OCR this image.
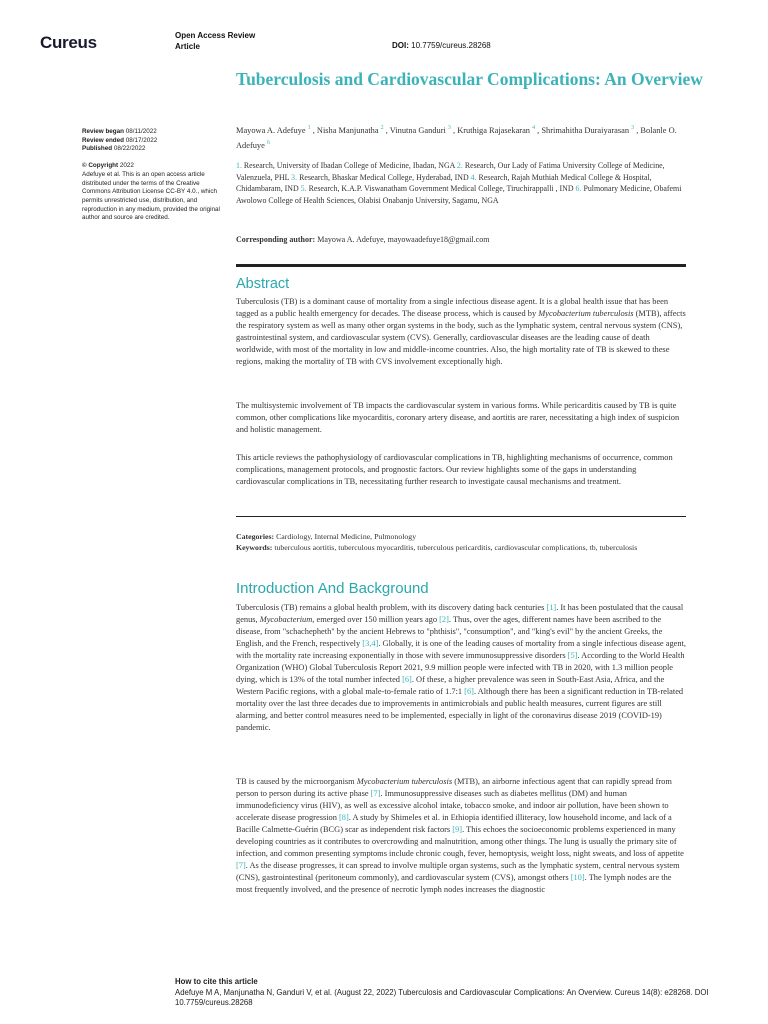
Cureus	Open Access Review
Article	DOI: 10.7759/cureus.28268
Tuberculosis and Cardiovascular Complications: An Overview
Mayowa A. Adefuye $^1$ , Nisha Manjunatha $^2$ , Vinutna Ganduri $^3$ , Kruthiga Rajasekaran $^4$ , Shrimahitha Duraiyarasan $^3$ , Bolanle O. Adefuye $^6$
1. Research, University of Ibadan College of Medicine, Ibadan, NGA 2. Research, Our Lady of Fatima University College of Medicine, Valenzuela, PHL 3. Research, Bhaskar Medical College, Hyderabad, IND 4. Research, Rajah Muthiah Medical College & Hospital, Chidambaram, IND 5. Research, K.A.P. Viswanatham Government Medical College, Tiruchirappalli , IND 6. Pulmonary Medicine, Obafemi Awolowo College of Health Sciences, Olabisi Onabanjo University, Sagamu, NGA
Corresponding author: Mayowa A. Adefuye, mayowaadefuye18@gmail.com
Review began 08/11/2022
Review ended 08/17/2022
Published 08/22/2022
© Copyright 2022
Adefuye et al. This is an open access article distributed under the terms of the Creative Commons Attribution License CC-BY 4.0., which permits unrestricted use, distribution, and reproduction in any medium, provided the original author and source are credited.
Abstract

Tuberculosis (TB) is a dominant cause of mortality from a single infectious disease agent. It is a global health issue that has been tagged as a public health emergency for decades. The disease process, which is caused by Mycobacterium tuberculosis (MTB), affects the respiratory system as well as many other organ systems in the body, such as the lymphatic system, central nervous system (CNS), gastrointestinal system, and cardiovascular system (CVS). Generally, cardiovascular diseases are the leading cause of death worldwide, with most of the mortality in low and middle-income countries. Also, the high mortality rate of TB is skewed to these regions, making the mortality of TB with CVS involvement exceptionally high.

The multisystemic involvement of TB impacts the cardiovascular system in various forms. While pericarditis caused by TB is quite common, other complications like myocarditis, coronary artery disease, and aortitis are rarer, necessitating a high index of suspicion and holistic management.

This article reviews the pathophysiology of cardiovascular complications in TB, highlighting mechanisms of occurrence, common complications, management protocols, and prognostic factors. Our review highlights some of the gaps in understanding cardiovascular complications in TB, necessitating further research to investigate causal mechanisms and treatment.

Categories: Cardiology, Internal Medicine, Pulmonology
Keywords: tuberculous aortitis, tuberculous myocarditis, tuberculous pericarditis, cardiovascular complications, tb, tuberculosis
Introduction And Background

Tuberculosis (TB) remains a global health problem, with its discovery dating back centuries [1]. It has been postulated that the causal genus, Mycobacterium, emerged over 150 million years ago [2]. Thus, over the ages, different names have been ascribed to the disease, from "schachepheth" by the ancient Hebrews to "phthisis", "consumption", and "king's evil" by the ancient Greeks, the English, and the French, respectively [3,4]. Globally, it is one of the leading causes of mortality from a single infectious disease agent, with the mortality rate increasing exponentially in those with severe immunosuppressive disorders [5]. According to the World Health Organization (WHO) Global Tuberculosis Report 2021, 9.9 million people were infected with TB in 2020, with 1.3 million people dying, which is 13% of the total number infected [6]. Of these, a higher prevalence was seen in South-East Asia, Africa, and the Western Pacific regions, with a global male-to-female ratio of 1.7:1 [6]. Although there has been a significant reduction in TB-related mortality over the last three decades due to improvements in antimicrobials and public health measures, current figures are still alarming, and better control measures need to be implemented, especially in light of the coronavirus disease 2019 (COVID-19) pandemic.

TB is caused by the microorganism Mycobacterium tuberculosis (MTB), an airborne infectious agent that can rapidly spread from person to person during its active phase [7]. Immunosuppressive diseases such as diabetes mellitus (DM) and human immunodeficiency virus (HIV), as well as excessive alcohol intake, tobacco smoke, and indoor air pollution, have been shown to accelerate disease progression [8]. A study by Shimeles et al. in Ethiopia identified illiteracy, low household income, and lack of a Bacille Calmette-Guérin (BCG) scar as independent risk factors [9]. This echoes the socioeconomic problems experienced in many developing countries as it contributes to overcrowding and malnutrition, among other things. The lung is usually the primary site of infection, and common presenting symptoms include chronic cough, fever, hemoptysis, weight loss, night sweats, and loss of appetite [7]. As the disease progresses, it can spread to involve multiple organ systems, such as the lymphatic system, central nervous system (CNS), gastrointestinal (peritoneum commonly), and cardiovascular system (CVS), amongst others [10]. The lymph nodes are the most frequently involved, and the presence of necrotic lymph nodes increases the diagnostic

How to cite this article
Adefuye M A, Manjunatha N, Ganduri V, et al. (August 22, 2022) Tuberculosis and Cardiovascular Complications: An Overview. Cureus 14(8): e28268. DOI 10.7759/cureus.28268
